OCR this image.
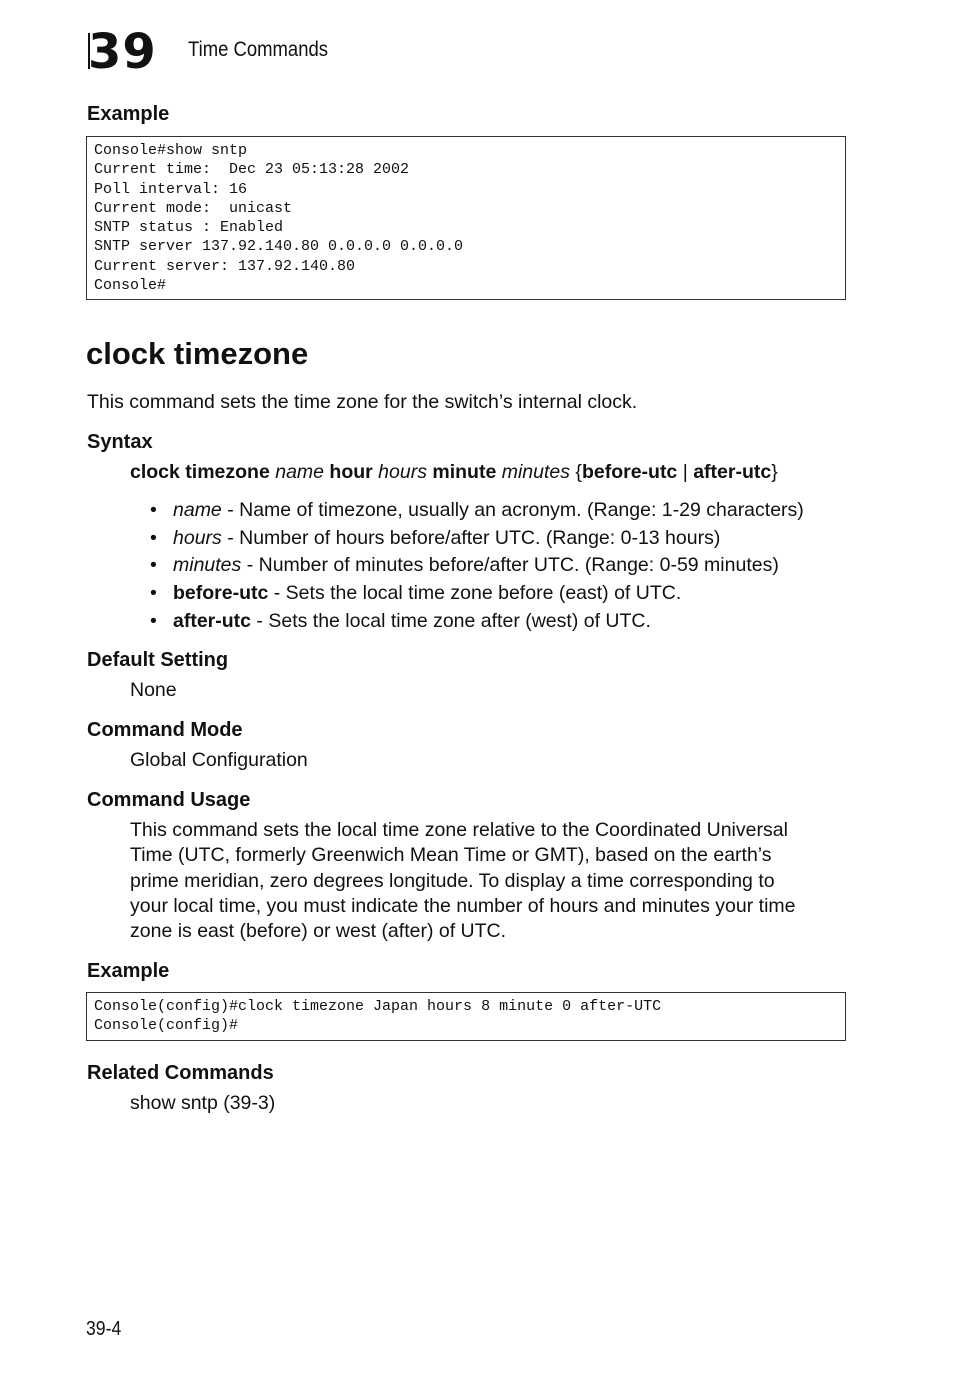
39 Time Commands
Example
Console#show sntp
Current time:  Dec 23 05:13:28 2002
Poll interval: 16
Current mode:  unicast
SNTP status : Enabled
SNTP server 137.92.140.80 0.0.0.0 0.0.0.0
Current server: 137.92.140.80
Console#
clock timezone
This command sets the time zone for the switch’s internal clock.
Syntax
clock timezone name hour hours minute minutes {before-utc | after-utc}
• name - Name of timezone, usually an acronym. (Range: 1-29 characters)
• hours - Number of hours before/after UTC. (Range: 0-13 hours)
• minutes - Number of minutes before/after UTC. (Range: 0-59 minutes)
• before-utc - Sets the local time zone before (east) of UTC.
• after-utc - Sets the local time zone after (west) of UTC.
Default Setting
None
Command Mode
Global Configuration
Command Usage
This command sets the local time zone relative to the Coordinated Universal
Time (UTC, formerly Greenwich Mean Time or GMT), based on the earth’s
prime meridian, zero degrees longitude. To display a time corresponding to
your local time, you must indicate the number of hours and minutes your time
zone is east (before) or west (after) of UTC.
Example
Console(config)#clock timezone Japan hours 8 minute 0 after-UTC
Console(config)#
Related Commands
show sntp (39-3)
39-4
